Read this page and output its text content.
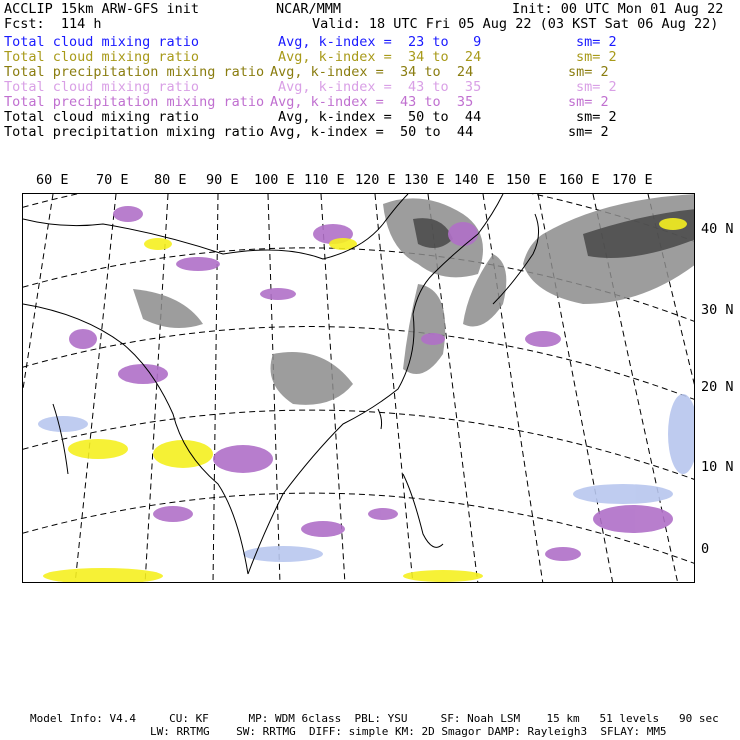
ACCLIP 15km ARW-GFS init	NCAR/MMM	Init: 00 UTC Mon 01 Aug 22
Fcst:  114 h	Valid: 18 UTC Fri 05 Aug 22 (03 KST Sat 06 Aug 22)
Total cloud mixing ratio	Avg, k-index =  23 to   9	sm= 2
Total cloud mixing ratio	Avg, k-index =  34 to  24	sm= 2
Total precipitation mixing ratio Avg, k-index =  34 to  24	sm= 2
Total cloud mixing ratio	Avg, k-index =  43 to  35	sm= 2
Total precipitation mixing ratio Avg, k-index =  43 to  35	sm= 2
Total cloud mixing ratio	Avg, k-index =  50 to  44	sm= 2
Total precipitation mixing ratio Avg, k-index =  50 to  44	sm= 2
60 E 70 E 80 E 90 E 100 E 110 E 120 E 130 E 140 E 150 E 160 E 170 E
40 N
30 N
20 N
10 N
0
Model Info: V4.4     CU: KF      MP: WDM 6class  PBL: YSU     SF: Noah LSM    15 km   51 levels   90 sec
LW: RRTMG    SW: RRTMG  DIFF: simple KM: 2D Smagor DAMP: Rayleigh3  SFLAY: MM5
